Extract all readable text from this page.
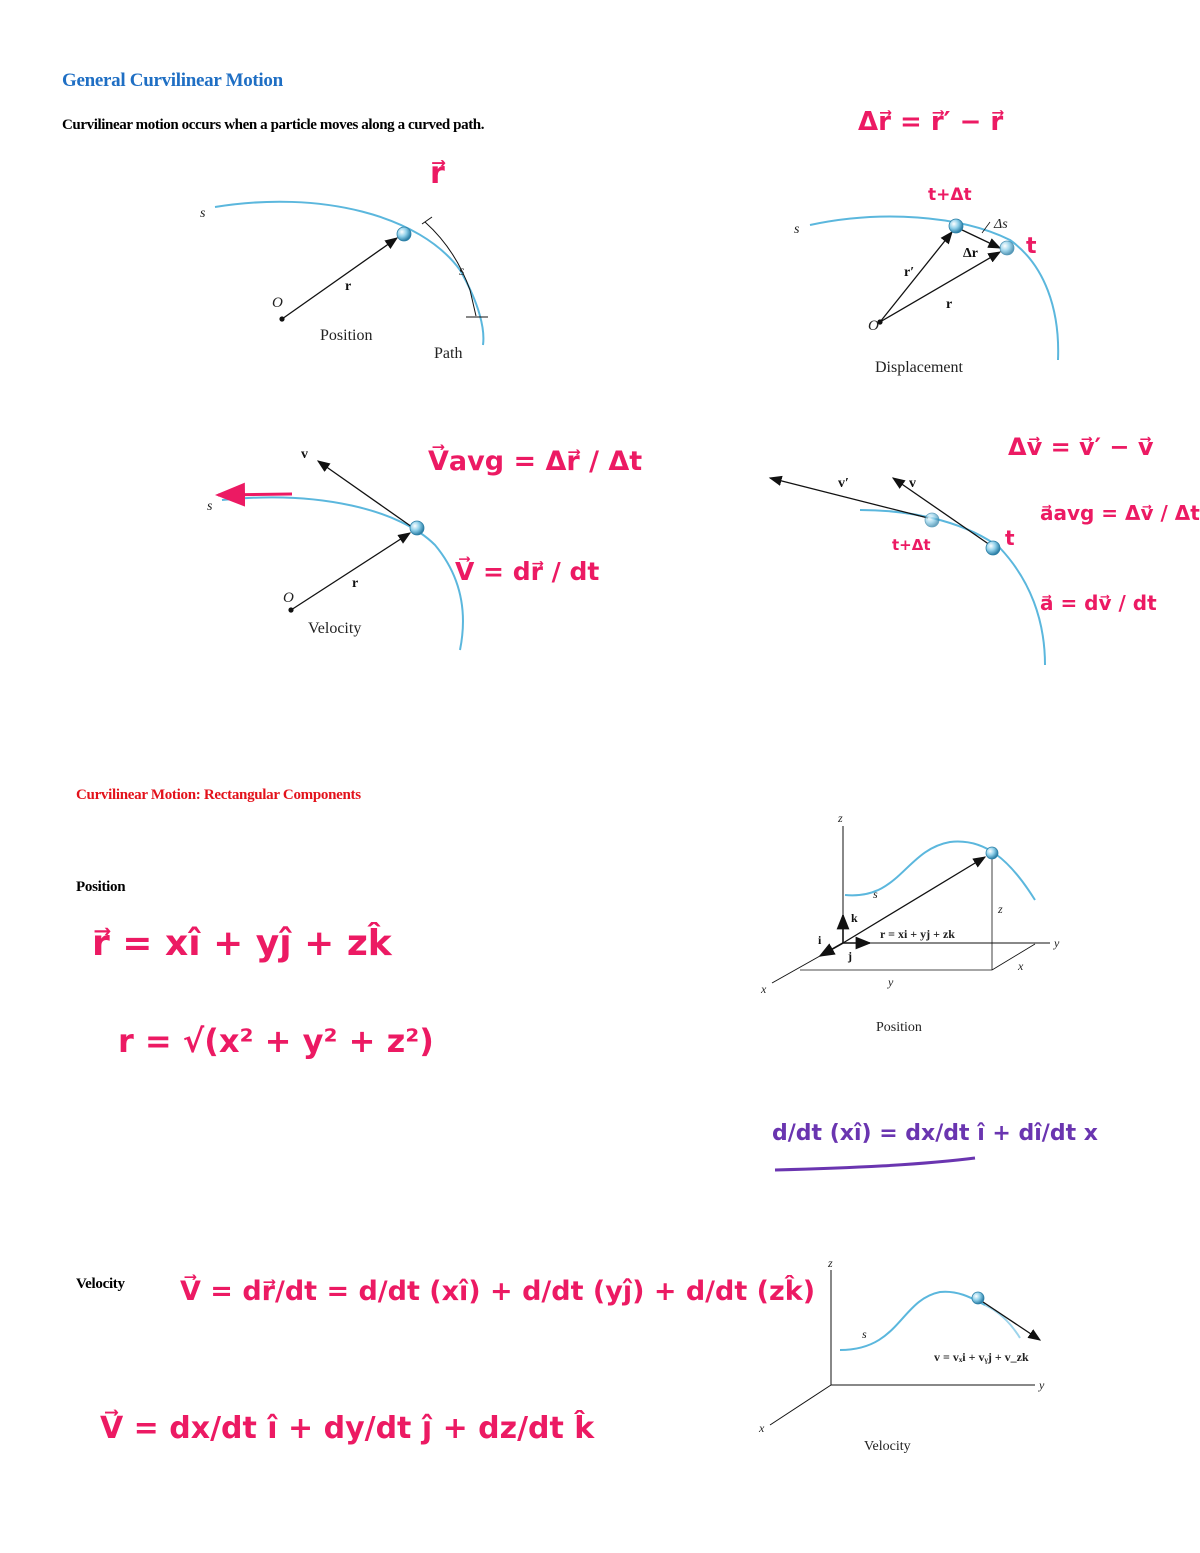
General Curvilinear Motion
Curvilinear motion occurs when a particle moves along a curved path.
Curvilinear Motion: Rectangular Components
Position
Velocity
s
O
r
s
Position
Path
s
O
r′
r
Δr
Δs
Displacement
s
O
r
v
Velocity
v′	v
z
s
k
i
j
r = xi + yj + zk
y
x
z
x
y
Position
z
s
v = vₓi + vᵧj + v_zk
y
x
Velocity
Δr⃗ = r⃗′ − r⃗
r⃗
t+Δt
t
V⃗avg = Δr⃗ / Δt
V⃗ = dr⃗ / dt
Δv⃗ = v⃗′ − v⃗
a⃗avg = Δv⃗ / Δt
a⃗ = dv⃗ / dt
t+Δt	t
r⃗ = xî + yĵ + zk̂
r = √(x² + y² + z²)
d/dt (xî) = dx/dt î + dî/dt x
V⃗ = dr⃗/dt = d/dt (xî) + d/dt (yĵ) + d/dt (zk̂)
V⃗ = dx/dt î + dy/dt ĵ + dz/dt k̂
